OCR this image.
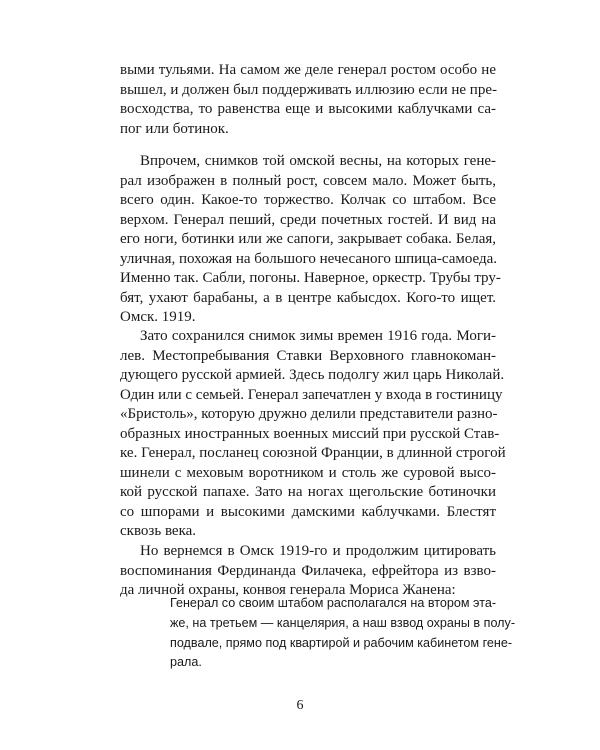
выми тульями. На самом же деле генерал ростом особо не
вышел, и должен был поддерживать иллюзию если не пре-
восходства, то равенства еще и высокими каблучками са-
пог или ботинок.
Впрочем, снимков той омской весны, на которых гене-
рал изображен в полный рост, совсем мало. Может быть,
всего один. Какое-то торжество. Колчак со штабом. Все
верхом. Генерал пеший, среди почетных гостей. И вид на
его ноги, ботинки или же сапоги, закрывает собака. Белая,
уличная, похожая на большого нечесаного шпица-самоеда.
Именно так. Сабли, погоны. Наверное, оркестр. Трубы тру-
бят, ухают барабаны, а в центре кабысдох. Кого-то ищет.
Омск. 1919.
Зато сохранился снимок зимы времен 1916 года. Моги-
лев. Местопребывания Ставки Верховного главнокоман-
дующего русской армией. Здесь подолгу жил царь Николай.
Один или с семьей. Генерал запечатлен у входа в гостиницу
«Бристоль», которую дружно делили представители разно-
образных иностранных военных миссий при русской Став-
ке. Генерал, посланец союзной Франции, в длинной строгой
шинели с меховым воротником и столь же суровой высо-
кой русской папахе. Зато на ногах щегольские ботиночки
со шпорами и высокими дамскими каблучками. Блестят
сквозь века.
Но вернемся в Омск 1919-го и продолжим цитировать
воспоминания Фердинанда Филачека, ефрейтора из взво-
да личной охраны, конвоя генерала Мориса Жанена:
Генерал со своим штабом располагался на втором эта-
же, на третьем — канцелярия, а наш взвод охраны в полу-
подвале, прямо под квартирой и рабочим кабинетом гене-
рала.
6
